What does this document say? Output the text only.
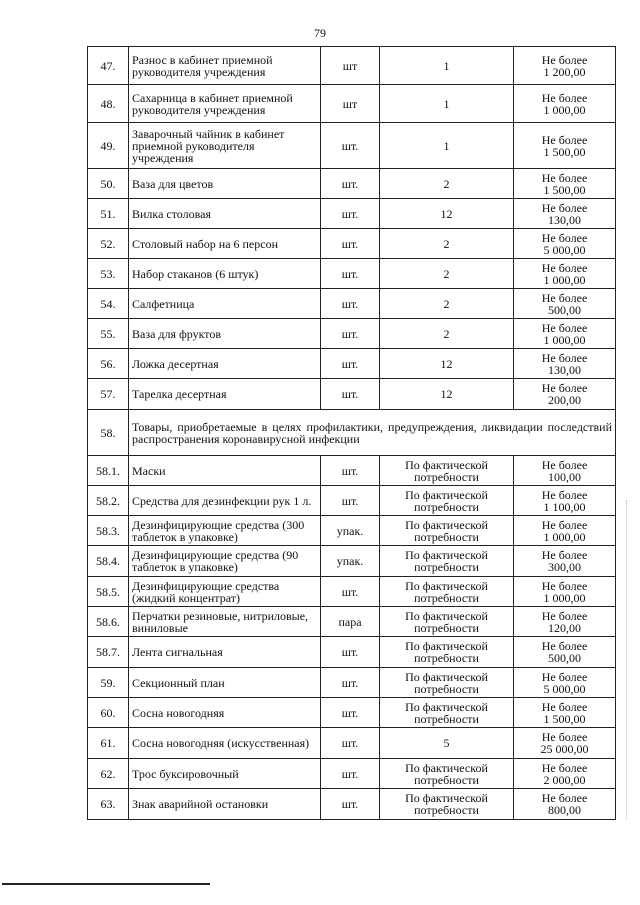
79
47.	Разнос в кабинет приемной руководителя учреждения	шт	1	Не более
1 200,00
48.	Сахарница в кабинет приемной руководителя учреждения	шт	1	Не более
1 000,00
49.	Заварочный чайник в кабинет приемной руководителя учреждения	шт.	1	Не более
1 500,00
50.	Ваза для цветов	шт.	2	Не более
1 500,00
51.	Вилка столовая	шт.	12	Не более
130,00
52.	Столовый набор на 6 персон	шт.	2	Не более
5 000,00
53.	Набор стаканов (6 штук)	шт.	2	Не более
1 000,00
54.	Салфетница	шт.	2	Не более
500,00
55.	Ваза для фруктов	шт.	2	Не более
1 000,00
56.	Ложка десертная	шт.	12	Не более
130,00
57.	Тарелка десертная	шт.	12	Не более
200,00
58.	Товары, приобретаемые в целях профилактики, предупреждения, ликвидации последствий распространения коронавирусной инфекции			
58.1.	Маски	шт.	По фактической
потребности	Не более
100,00
58.2.	Средства для дезинфекции рук 1 л.	шт.	По фактической
потребности	Не более
1 100,00
58.3.	Дезинфицирующие средства (300 таблеток в упаковке)	упак.	По фактической
потребности	Не более
1 000,00
58.4.	Дезинфицирующие средства (90 таблеток в упаковке)	упак.	По фактической
потребности	Не более
300,00
58.5.	Дезинфицирующие средства (жидкий концентрат)	шт.	По фактической
потребности	Не более
1 000,00
58.6.	Перчатки резиновые, нитриловые, виниловые	пара	По фактической
потребности	Не более
120,00
58.7.	Лента сигнальная	шт.	По фактической
потребности	Не более
500,00
59.	Секционный план	шт.	По фактической
потребности	Не более
5 000,00
60.	Сосна новогодняя	шт.	По фактической
потребности	Не более
1 500,00
61.	Сосна новогодняя (искусственная)	шт.	5	Не более
25 000,00
62.	Трос буксировочный	шт.	По фактической
потребности	Не более
2 000,00
63.	Знак аварийной остановки	шт.	По фактической
потребности	Не более
800,00
